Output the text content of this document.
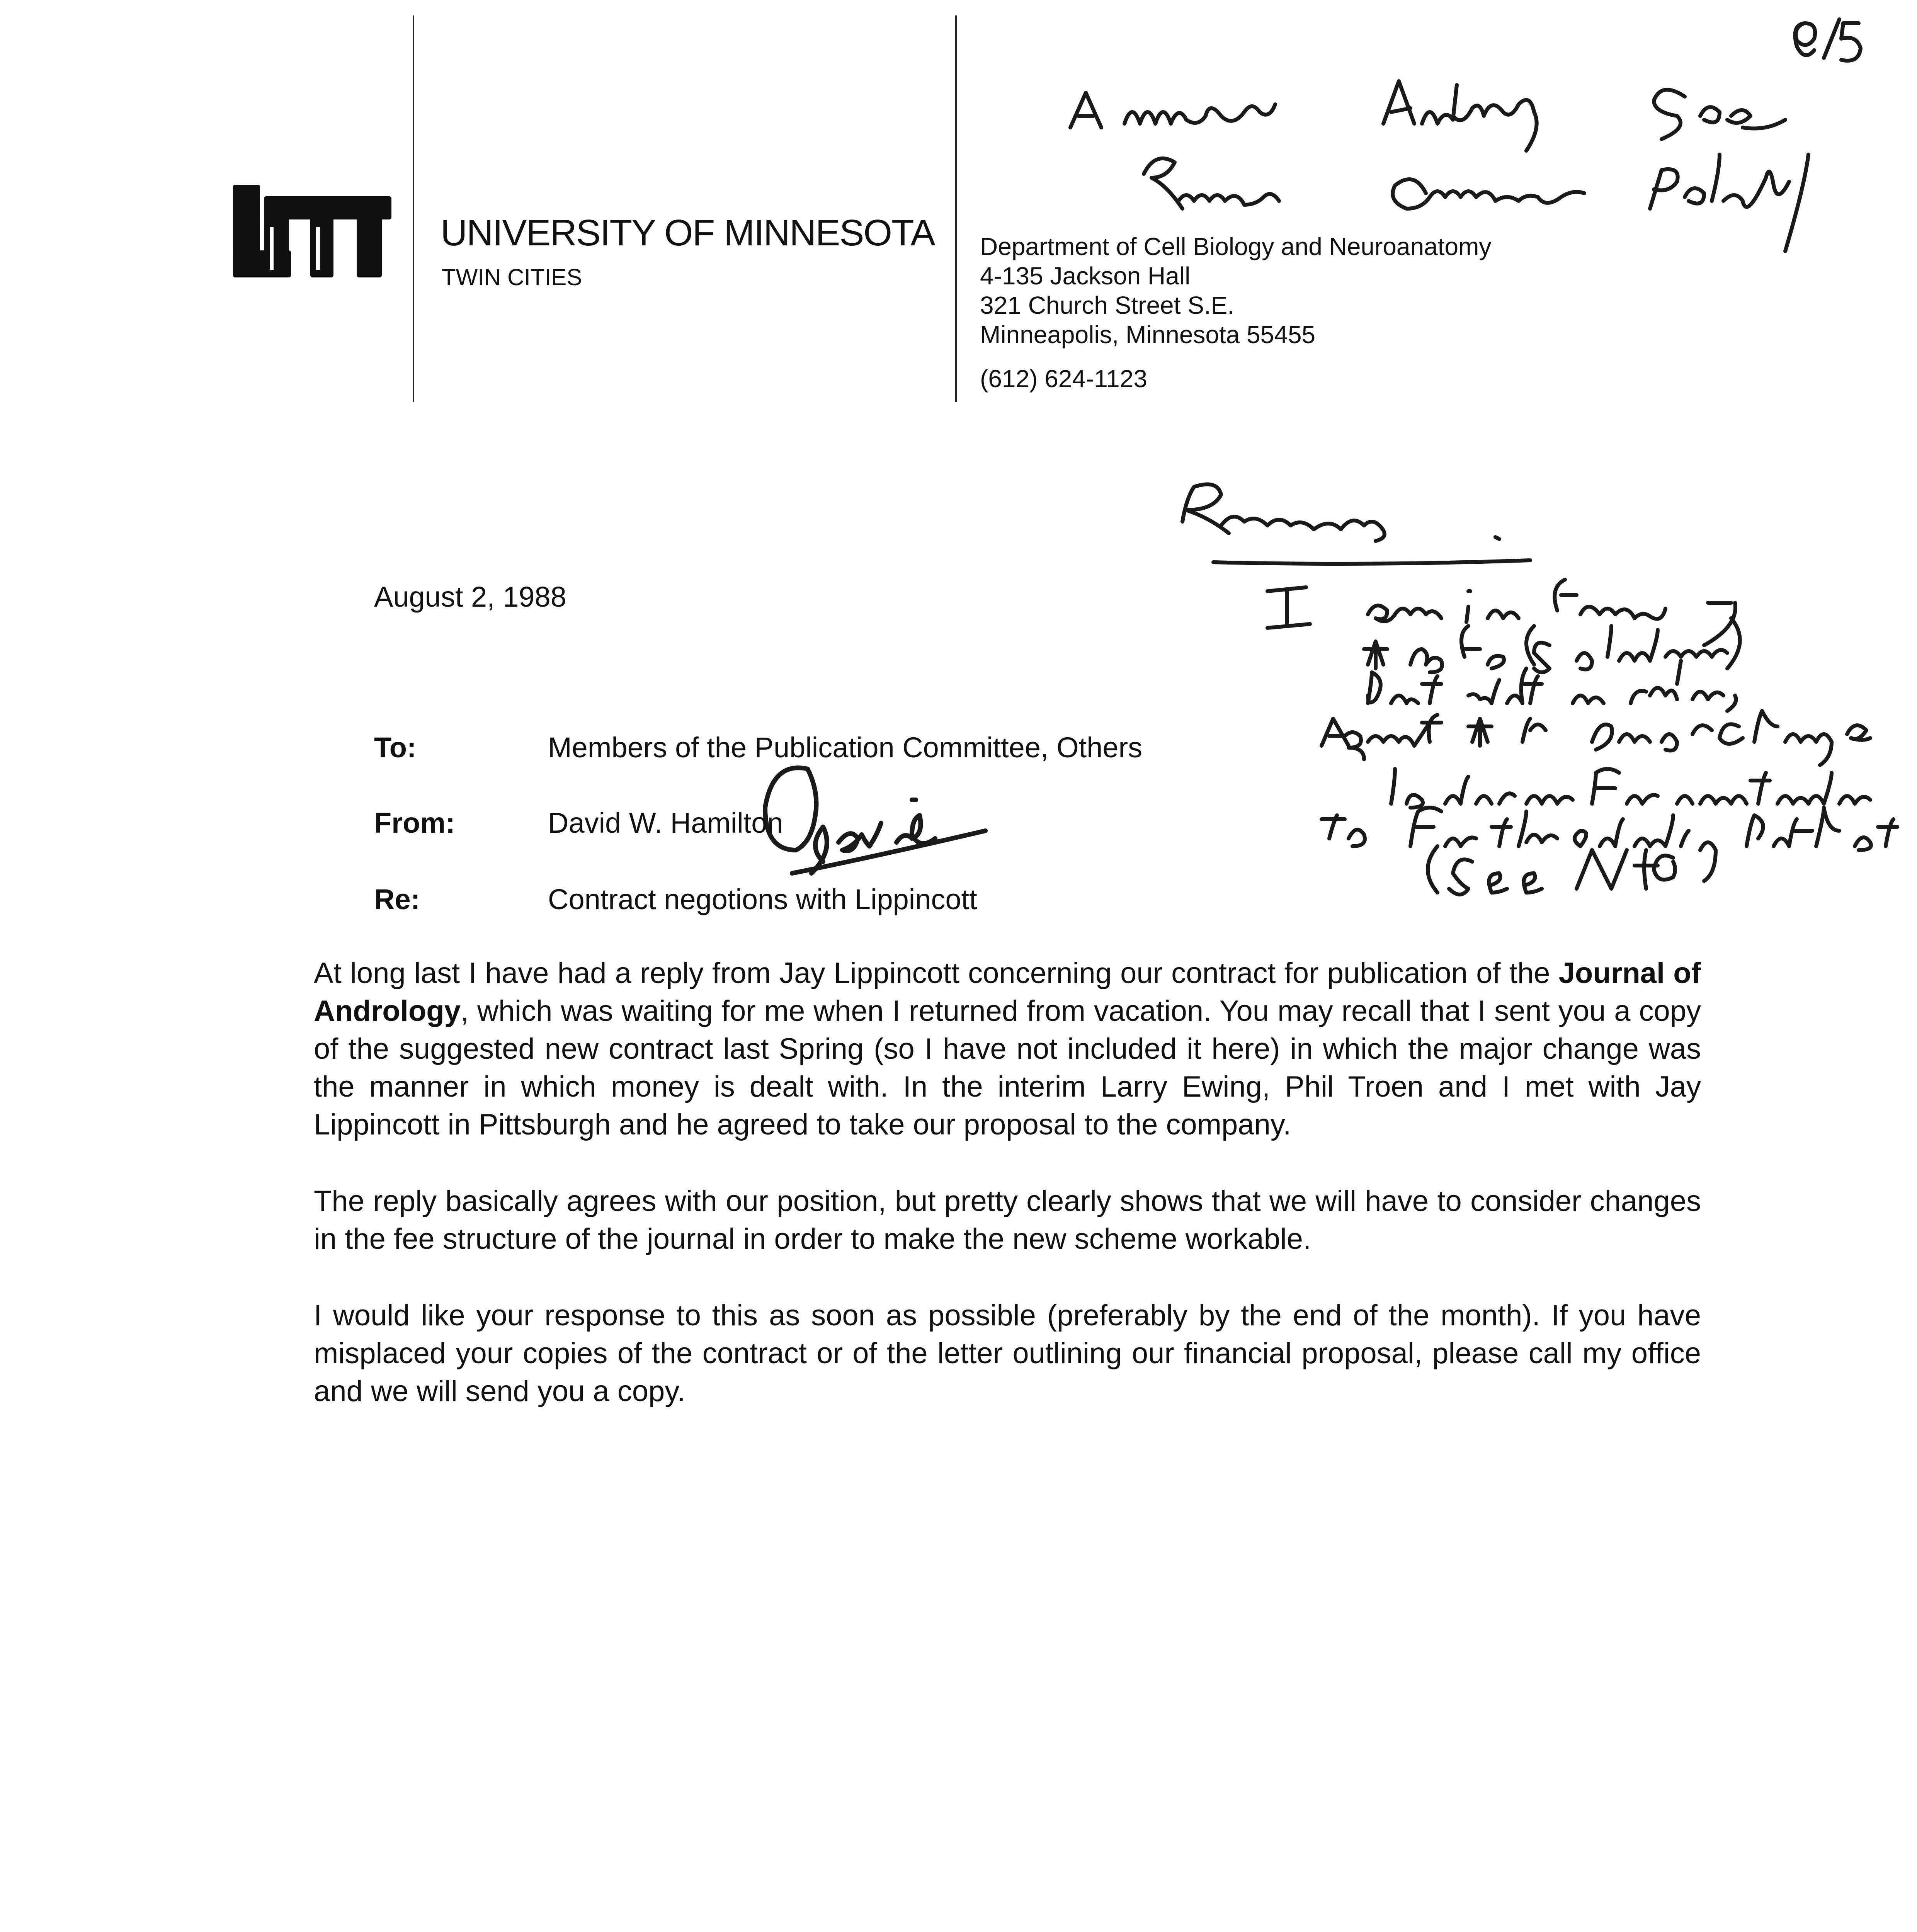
UNIVERSITY OF MINNESOTA
TWIN CITIES
Department of Cell Biology and Neuroanatomy
4-135 Jackson Hall
321 Church Street S.E.
Minneapolis, Minnesota 55455
(612) 624-1123
August 2, 1988
To:	Members of the Publication Committee, Others
From:	David W. Hamilton
Re:	Contract negotions with Lippincott

At long last I have had a reply from Jay Lippincott concerning our contract for publication of the Journal of Andrology, which was waiting for me when I returned from vacation. You may recall that I sent you a copy of the suggested new contract last Spring (so I have not included it here) in which the major change was the manner in which money is dealt with. In the interim Larry Ewing, Phil Troen and I met with Jay Lippincott in Pittsburgh and he agreed to take our proposal to the company.

The reply basically agrees with our position, but pretty clearly shows that we will have to consider changes in the fee structure of the journal in order to make the new scheme workable.

I would like your response to this as soon as possible (preferably by the end of the month). If you have misplaced your copies of the contract or of the letter outlining our financial proposal, please call my office and we will send you a copy.
